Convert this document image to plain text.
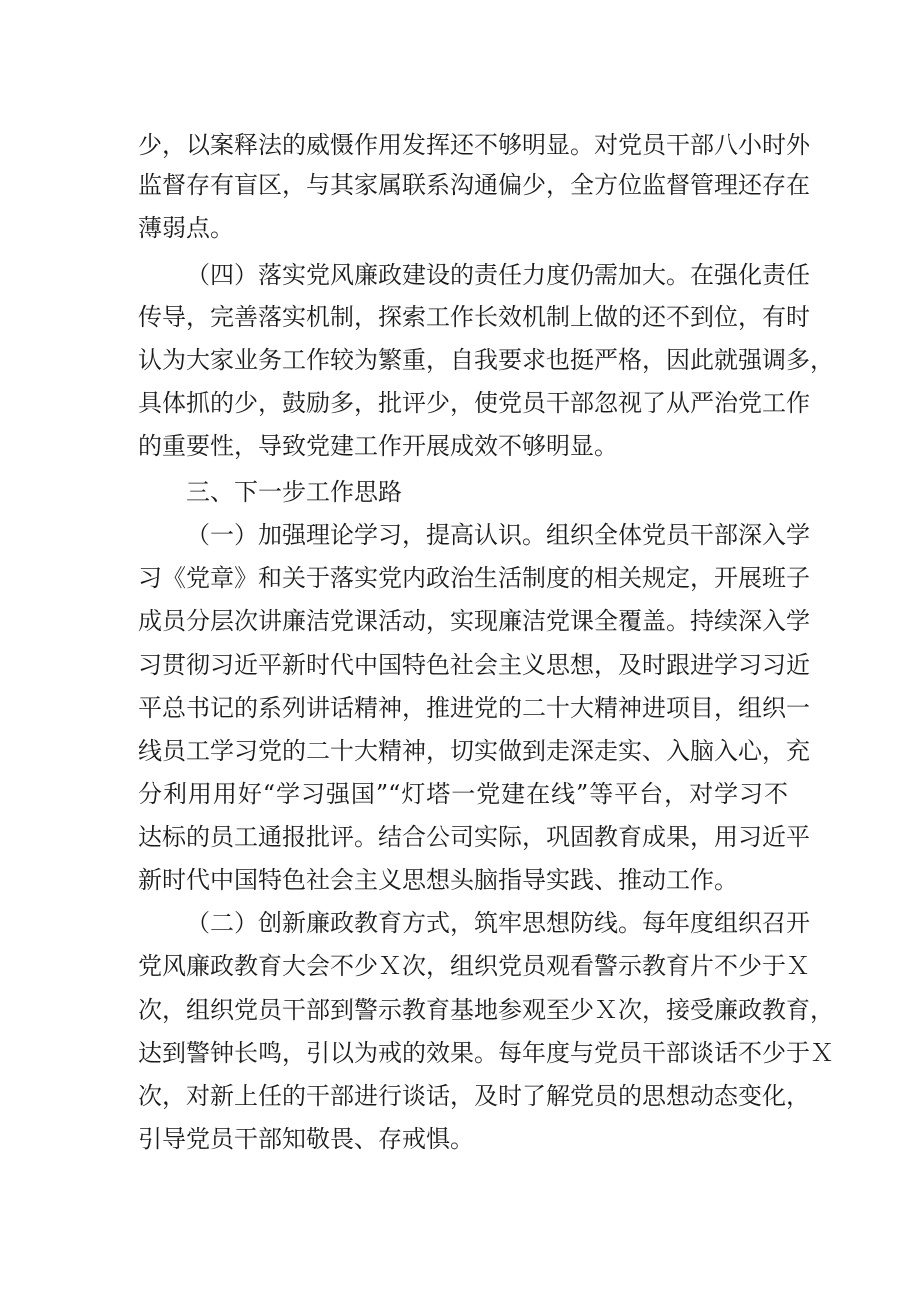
少，以案释法的威慑作用发挥还不够明显。对党员干部八小时外
监督存有盲区，与其家属联系沟通偏少，全方位监督管理还存在
薄弱点。
（四）落实党风廉政建设的责任力度仍需加大。在强化责任
传导，完善落实机制，探索工作长效机制上做的还不到位，有时
认为大家业务工作较为繁重，自我要求也挺严格，因此就强调多，
具体抓的少，鼓励多，批评少，使党员干部忽视了从严治党工作
的重要性，导致党建工作开展成效不够明显。
三、下一步工作思路
（一）加强理论学习，提高认识。组织全体党员干部深入学
习《党章》和关于落实党内政治生活制度的相关规定，开展班子
成员分层次讲廉洁党课活动，实现廉洁党课全覆盖。持续深入学
习贯彻习近平新时代中国特色社会主义思想，及时跟进学习习近
平总书记的系列讲话精神，推进党的二十大精神进项目，组织一
线员工学习党的二十大精神，切实做到走深走实、入脑入心，充
分利用用好“学习强国”“灯塔一党建在线”等平台，对学习不
达标的员工通报批评。结合公司实际，巩固教育成果，用习近平
新时代中国特色社会主义思想头脑指导实践、推动工作。
（二）创新廉政教育方式，筑牢思想防线。每年度组织召开
党风廉政教育大会不少Ｘ次，组织党员观看警示教育片不少于Ｘ
次，组织党员干部到警示教育基地参观至少Ｘ次，接受廉政教育，
达到警钟长鸣，引以为戒的效果。每年度与党员干部谈话不少于Ｘ
次，对新上任的干部进行谈话，及时了解党员的思想动态变化，
引导党员干部知敬畏、存戒惧。
